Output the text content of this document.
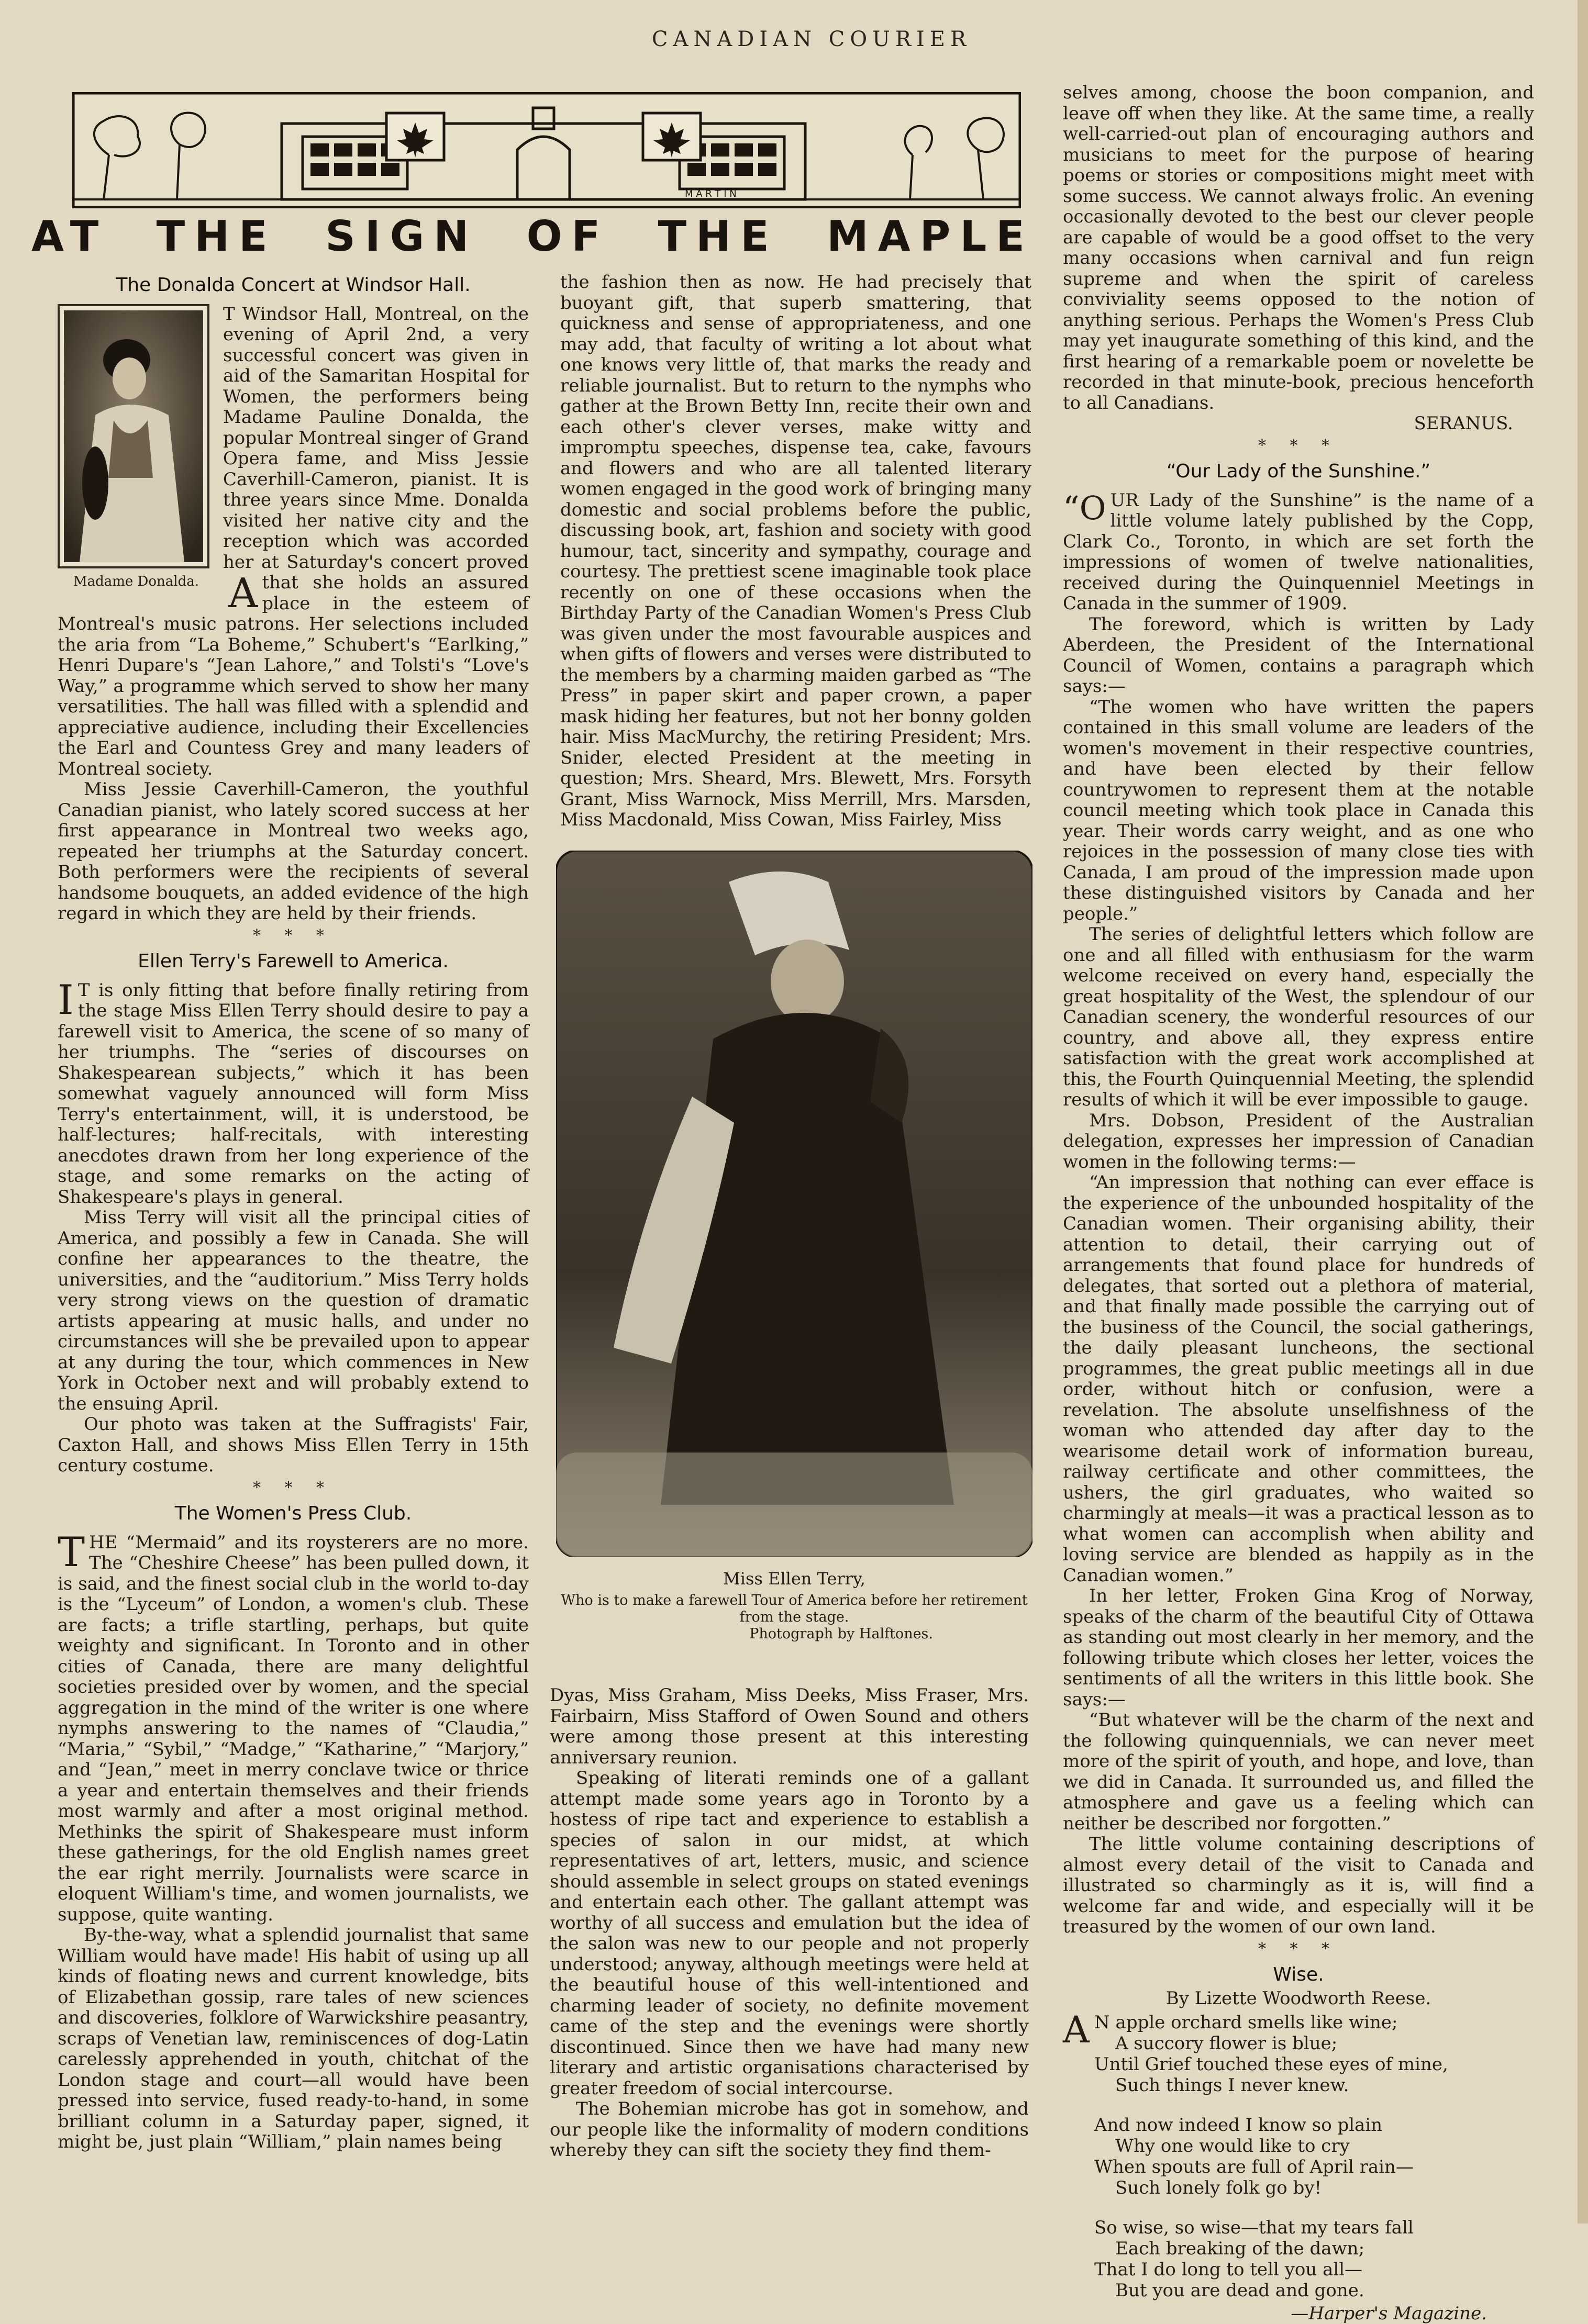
CANADIAN COURIER
M A R T I N
AT THE SIGN OF THE MAPLE
The Donalda Concert at Windsor Hall.
Madame Donalda. A
T Windsor Hall, Montreal, on the evening of April 2nd, a very successful concert was given in aid of the Samaritan Hospital for Women, the performers being Madame Pauline Donalda, the popular Montreal singer of Grand Opera fame, and Miss Jessie Caverhill-Cameron, pianist. It is three years since Mme. Donalda visited her native city and the reception which was accorded her at Saturday's concert proved that she holds an assured place in the esteem of Montreal's music patrons. Her selections included the aria from “La Boheme,” Schubert's “Earlking,” Henri Dupare's “Jean Lahore,” and Tolsti's “Love's Way,” a programme which served to show her many versatilities. The hall was filled with a splendid and appreciative audience, including their Excellencies the Earl and Countess Grey and many leaders of Montreal society.

Miss Jessie Caverhill-Cameron, the youthful Canadian pianist, who lately scored success at her first appearance in Montreal two weeks ago, repeated her triumphs at the Saturday concert. Both performers were the recipients of several handsome bouquets, an added evidence of the high regard in which they are held by their friends.

* * *
Ellen Terry's Farewell to America.

I T is only fitting that before finally retiring from the stage Miss Ellen Terry should desire to pay a farewell visit to America, the scene of so many of her triumphs. The “series of discourses on Shakespearean subjects,” which it has been somewhat vaguely announced will form Miss Terry's entertainment, will, it is understood, be half-lectures; half-recitals, with interesting anecdotes drawn from her long experience of the stage, and some remarks on the acting of Shakespeare's plays in general.

Miss Terry will visit all the principal cities of America, and possibly a few in Canada. She will confine her appearances to the theatre, the universities, and the “auditorium.” Miss Terry holds very strong views on the question of dramatic artists appearing at music halls, and under no circumstances will she be prevailed upon to appear at any during the tour, which commences in New York in October next and will probably extend to the ensuing April.

Our photo was taken at the Suffragists' Fair, Caxton Hall, and shows Miss Ellen Terry in 15th century costume.

* * *
The Women's Press Club.

THE “Mermaid” and its roysterers are no more. The “Cheshire Cheese” has been pulled down, it is said, and the finest social club in the world to-day is the “Lyceum” of London, a women's club. These are facts; a trifle startling, perhaps, but quite weighty and significant. In Toronto and in other cities of Canada, there are many delightful societies presided over by women, and the special aggregation in the mind of the writer is one where nymphs answering to the names of “Claudia,” “Maria,” “Sybil,” “Madge,” “Katharine,” “Marjory,” and “Jean,” meet in merry conclave twice or thrice a year and entertain themselves and their friends most warmly and after a most original method. Methinks the spirit of Shakespeare must inform these gatherings, for the old English names greet the ear right merrily. Journalists were scarce in eloquent William's time, and women journalists, we suppose, quite wanting.

By-the-way, what a splendid journalist that same William would have made! His habit of using up all kinds of floating news and current knowledge, bits of Elizabethan gossip, rare tales of new sciences and discoveries, folklore of Warwickshire peasantry, scraps of Venetian law, reminiscences of dog-Latin carelessly apprehended in youth, chitchat of the London stage and court—all would have been pressed into service, fused ready-to-hand, in some brilliant column in a Saturday paper, signed, it might be, just plain “William,” plain names being

the fashion then as now. He had precisely that buoyant gift, that superb smattering, that quickness and sense of appropriateness, and one may add, that faculty of writing a lot about what one knows very little of, that marks the ready and reliable journalist. But to return to the nymphs who gather at the Brown Betty Inn, recite their own and each other's clever verses, make witty and impromptu speeches, dispense tea, cake, favours and flowers and who are all talented literary women engaged in the good work of bringing many domestic and social problems before the public, discussing book, art, fashion and society with good humour, tact, sincerity and sympathy, courage and courtesy. The prettiest scene imaginable took place recently on one of these occasions when the Birthday Party of the Canadian Women's Press Club was given under the most favourable auspices and when gifts of flowers and verses were distributed to the members by a charming maiden garbed as “The Press” in paper skirt and paper crown, a paper mask hiding her features, but not her bonny golden hair. Miss MacMurchy, the retiring President; Mrs. Snider, elected President at the meeting in question; Mrs. Sheard, Mrs. Blewett, Mrs. Forsyth Grant, Miss Warnock, Miss Merrill, Mrs. Marsden, Miss Macdonald, Miss Cowan, Miss Fairley, Miss

Miss Ellen Terry,
Who is to make a farewell Tour of America before her retirement from the stage.
Photograph by Halftones.

Dyas, Miss Graham, Miss Deeks, Miss Fraser, Mrs. Fairbairn, Miss Stafford of Owen Sound and others were among those present at this interesting anniversary reunion.

Speaking of literati reminds one of a gallant attempt made some years ago in Toronto by a hostess of ripe tact and experience to establish a species of salon in our midst, at which representatives of art, letters, music, and science should assemble in select groups on stated evenings and entertain each other. The gallant attempt was worthy of all success and emulation but the idea of the salon was new to our people and not properly understood; anyway, although meetings were held at the beautiful house of this well-intentioned and charming leader of society, no definite movement came of the step and the evenings were shortly discontinued. Since then we have had many new literary and artistic organisations characterised by greater freedom of social intercourse.

The Bohemian microbe has got in somehow, and our people like the informality of modern conditions whereby they can sift the society they find them-

selves among, choose the boon companion, and leave off when they like. At the same time, a really well-carried-out plan of encouraging authors and musicians to meet for the purpose of hearing poems or stories or compositions might meet with some success. We cannot always frolic. An evening occasionally devoted to the best our clever people are capable of would be a good offset to the very many occasions when carnival and fun reign supreme and when the spirit of careless conviviality seems opposed to the notion of anything serious. Perhaps the Women's Press Club may yet inaugurate something of this kind, and the first hearing of a remarkable poem or novelette be recorded in that minute-book, precious henceforth to all Canadians.

SERANUS.
* * *
“Our Lady of the Sunshine.”

“OUR Lady of the Sunshine” is the name of a little volume lately published by the Copp, Clark Co., Toronto, in which are set forth the impressions of women of twelve nationalities, received during the Quinquenniel Meetings in Canada in the summer of 1909.

The foreword, which is written by Lady Aberdeen, the President of the International Council of Women, contains a paragraph which says:—

“The women who have written the papers contained in this small volume are leaders of the women's movement in their respective countries, and have been elected by their fellow countrywomen to represent them at the notable council meeting which took place in Canada this year. Their words carry weight, and as one who rejoices in the possession of many close ties with Canada, I am proud of the impression made upon these distinguished visitors by Canada and her people.”

The series of delightful letters which follow are one and all filled with enthusiasm for the warm welcome received on every hand, especially the great hospitality of the West, the splendour of our Canadian scenery, the wonderful resources of our country, and above all, they express entire satisfaction with the great work accomplished at this, the Fourth Quinquennial Meeting, the splendid results of which it will be ever impossible to gauge.

Mrs. Dobson, President of the Australian delegation, expresses her impression of Canadian women in the following terms:—

“An impression that nothing can ever efface is the experience of the unbounded hospitality of the Canadian women. Their organising ability, their attention to detail, their carrying out of arrangements that found place for hundreds of delegates, that sorted out a plethora of material, and that finally made possible the carrying out of the business of the Council, the social gatherings, the daily pleasant luncheons, the sectional programmes, the great public meetings all in due order, without hitch or confusion, were a revelation. The absolute unselfishness of the woman who attended day after day to the wearisome detail work of information bureau, railway certificate and other committees, the ushers, the girl graduates, who waited so charmingly at meals—it was a practical lesson as to what women can accomplish when ability and loving service are blended as happily as in the Canadian women.”

In her letter, Froken Gina Krog of Norway, speaks of the charm of the beautiful City of Ottawa as standing out most clearly in her memory, and the following tribute which closes her letter, voices the sentiments of all the writers in this little book. She says:—

“But whatever will be the charm of the next and the following quinquennials, we can never meet more of the spirit of youth, and hope, and love, than we did in Canada. It surrounded us, and filled the atmosphere and gave us a feeling which can neither be described nor forgotten.”

The little volume containing descriptions of almost every detail of the visit to Canada and illustrated so charmingly as it is, will find a welcome far and wide, and especially will it be treasured by the women of our own land.

* * *
Wise.
By Lizette Woodworth Reese.
A N apple orchard smells like wine;
A succory flower is blue;
Until Grief touched these eyes of mine,
Such things I never knew.
And now indeed I know so plain
Why one would like to cry
When spouts are full of April rain—
Such lonely folk go by!
So wise, so wise—that my tears fall
Each breaking of the dawn;
That I do long to tell you all—
But you are dead and gone.
—Harper's Magazine.
